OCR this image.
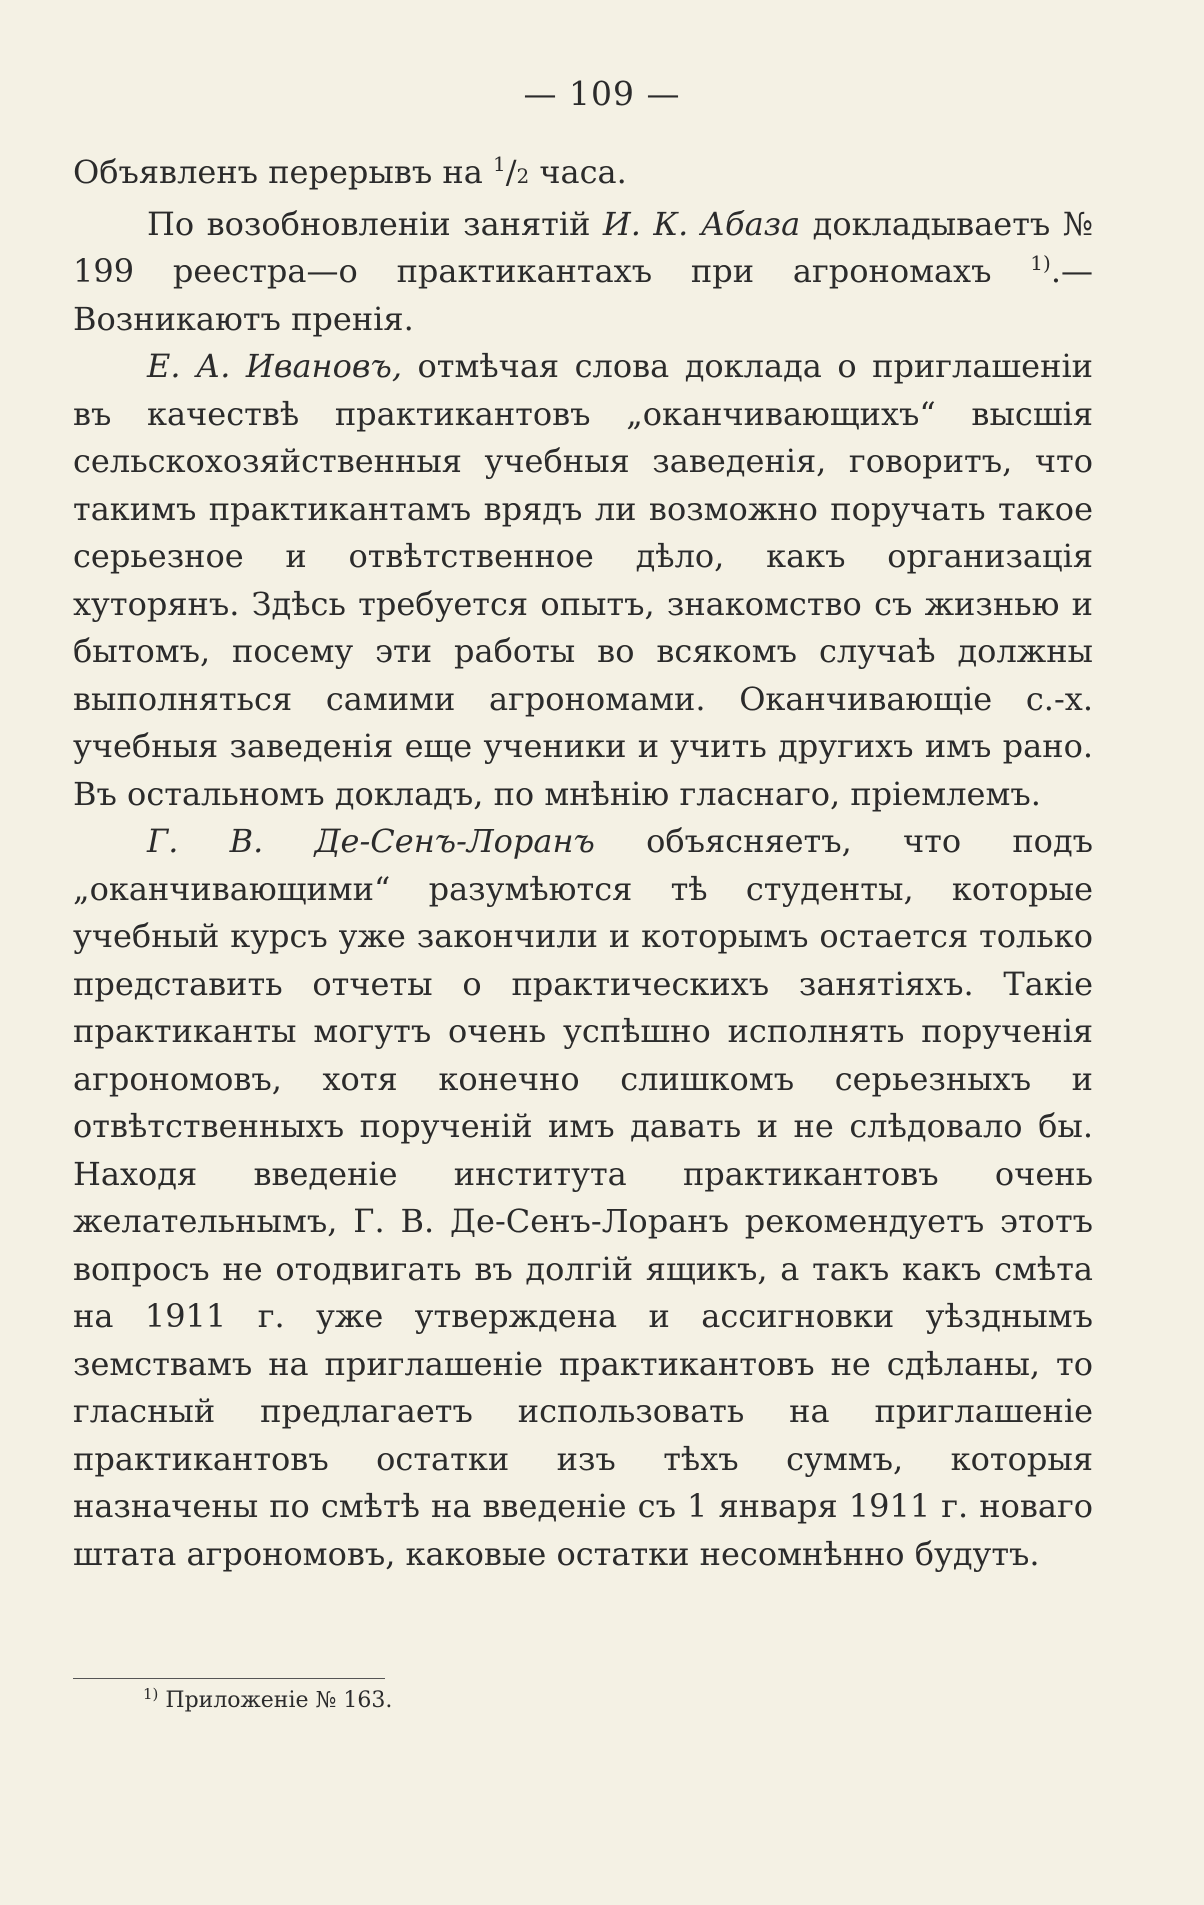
— 109 —

Объявленъ перерывъ на $^1$/2 часа.

По возобновленіи занятій И. К. Абаза докладываетъ № 199 реестра—о практикантахъ при агрономахъ $^{1)}$.— Возникаютъ пренія.

Е. А. Ивановъ, отмѣчая слова доклада о приглашеніи въ качествѣ практикантовъ „оканчивающихъ“ высшія сельскохозяйственныя учебныя заведенія, говоритъ, что такимъ практикантамъ врядъ ли возможно поручать такое серьезное и отвѣтственное дѣло, какъ организація хуторянъ. Здѣсь требуется опытъ, знакомство съ жизнью и бытомъ, посему эти работы во всякомъ случаѣ должны выполняться самими агрономами. Оканчивающіе с.-х. учебныя заведенія еще ученики и учить другихъ имъ рано. Въ остальномъ докладъ, по мнѣнію гласнаго, пріемлемъ.

Г. В. Де-Сенъ-Лоранъ объясняетъ, что подъ „оканчивающими“ разумѣются тѣ студенты, которые учебный курсъ уже закончили и которымъ остается только представить отчеты о практическихъ занятіяхъ. Такіе практиканты могутъ очень успѣшно исполнять порученія агрономовъ, хотя конечно слишкомъ серьезныхъ и отвѣтственныхъ порученій имъ давать и не слѣдовало бы. Находя введеніе института практикантовъ очень желательнымъ, Г. В. Де-Сенъ-Лоранъ рекомендуетъ этотъ вопросъ не отодвигать въ долгій ящикъ, а такъ какъ смѣта на 1911 г. уже утверждена и ассигновки уѣзднымъ земствамъ на приглашеніе практикантовъ не сдѣланы, то гласный предлагаетъ использовать на приглашеніе практикантовъ остатки изъ тѣхъ суммъ, которыя назначены по смѣтѣ на введеніе съ 1 января 1911 г. новаго штата агрономовъ, каковые остатки несомнѣнно будутъ.

$^{1)}$ Приложеніе № 163.
